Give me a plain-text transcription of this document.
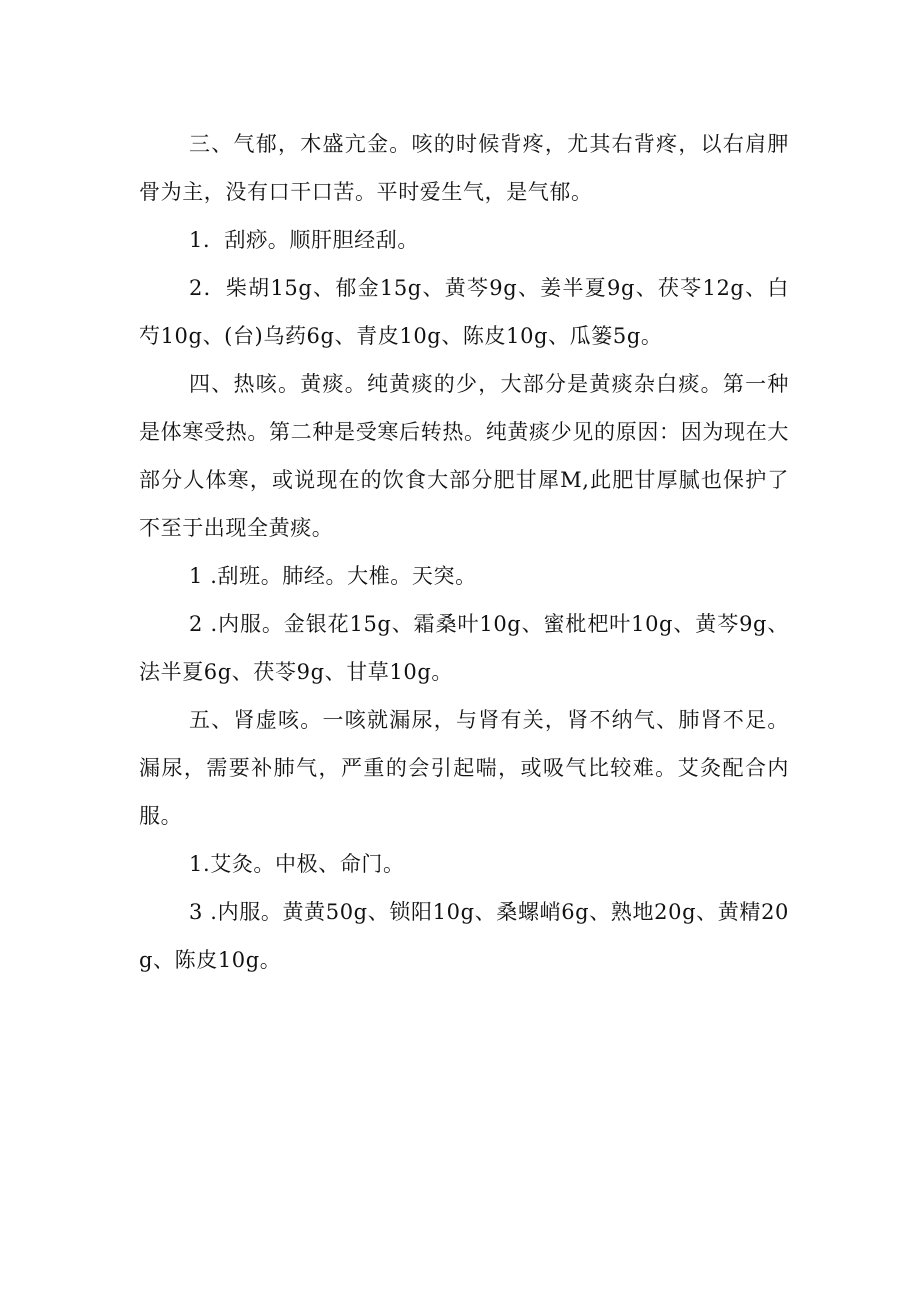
三、气郁，木盛亢金。咳的时候背疼，尤其右背疼，以右肩胛骨为主，没有口干口苦。平时爱生气，是气郁。

1．刮痧。顺肝胆经刮。

2．柴胡15g、郁金15g、黄芩9g、姜半夏9g、茯苓12g、白芍10g、(台)乌药6g、青皮10g、陈皮10g、瓜篓5g。

四、热咳。黄痰。纯黄痰的少，大部分是黄痰杂白痰。第一种是体寒受热。第二种是受寒后转热。纯黄痰少见的原因：因为现在大部分人体寒，或说现在的饮食大部分肥甘犀M,此肥甘厚腻也保护了不至于出现全黄痰。

1 .刮班。肺经。大椎。天突。

2 .内服。金银花15g、霜桑叶10g、蜜枇杷叶10g、黄芩9g、法半夏6g、茯苓9g、甘草10g。

五、肾虚咳。一咳就漏尿，与肾有关，肾不纳气、肺肾不足。漏尿，需要补肺气，严重的会引起喘，或吸气比较难。艾灸配合内服。

1.艾灸。中极、命门。

3 .内服。黄黄50g、锁阳10g、桑螺峭6g、熟地20g、黄精20g、陈皮10g。
